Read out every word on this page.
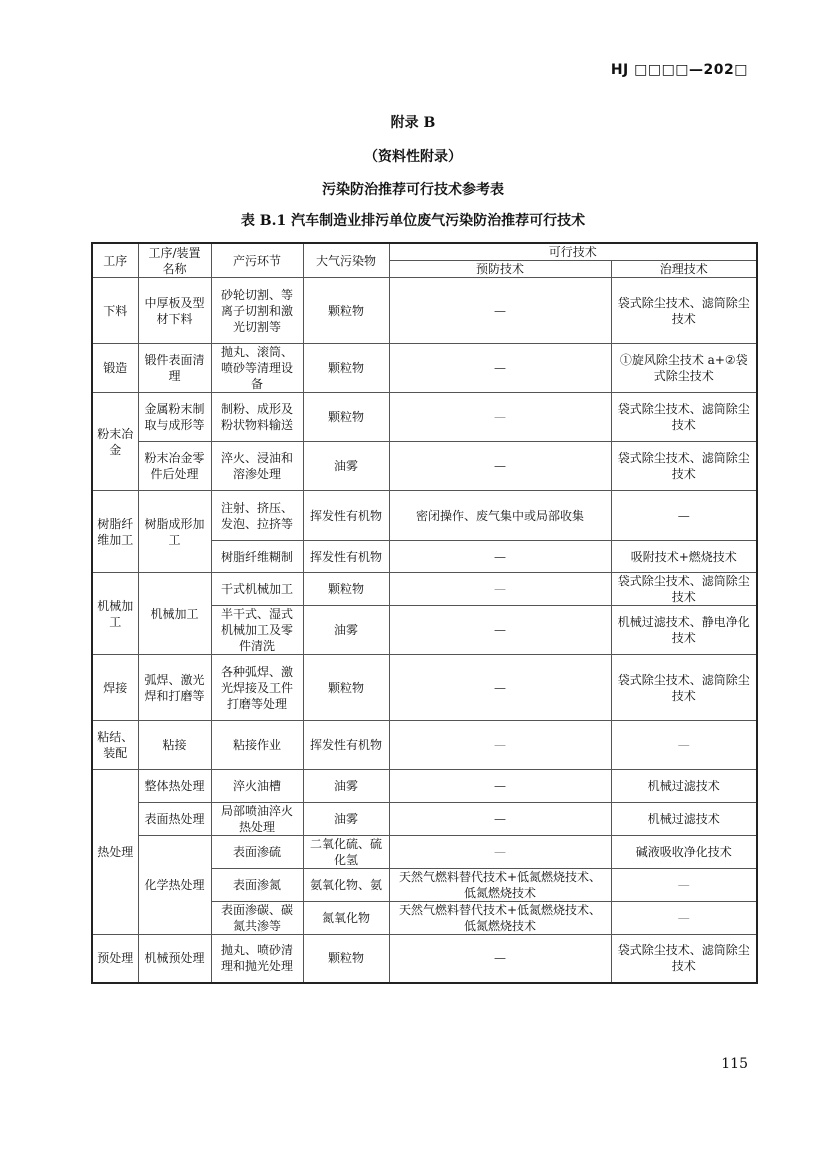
HJ □□□□—202□
附录 B
（资料性附录）
污染防治推荐可行技术参考表
表 B.1 汽车制造业排污单位废气污染防治推荐可行技术
工序	工序/装置名称	产污环节	大气污染物	可行技术	
				预防技术	治理技术
下料	中厚板及型材下料	砂轮切割、等离子切割和激光切割等	颗粒物	—	袋式除尘技术、滤筒除尘技术
锻造	锻件表面清理	抛丸、滚筒、喷砂等清理设备	颗粒物	—	①旋风除尘技术 a+②袋式除尘技术
粉末冶金	金属粉末制取与成形等	制粉、成形及粉状物料输送	颗粒物	—	袋式除尘技术、滤筒除尘技术
	粉末冶金零件后处理	淬火、浸油和溶渗处理	油雾	—	袋式除尘技术、滤筒除尘技术
树脂纤维加工	树脂成形加工	注射、挤压、发泡、拉挤等	挥发性有机物	密闭操作、废气集中或局部收集	—
		树脂纤维糊制	挥发性有机物	—	吸附技术+燃烧技术
机械加工	机械加工	干式机械加工	颗粒物	—	袋式除尘技术、滤筒除尘技术
		半干式、湿式机械加工及零件清洗	油雾	—	机械过滤技术、静电净化技术
焊接	弧焊、激光焊和打磨等	各种弧焊、激光焊接及工件打磨等处理	颗粒物	—	袋式除尘技术、滤筒除尘技术
粘结、装配	粘接	粘接作业	挥发性有机物	—	—
热处理	整体热处理	淬火油槽	油雾	—	机械过滤技术
	表面热处理	局部喷油淬火热处理	油雾	—	机械过滤技术
	化学热处理	表面渗硫	二氧化硫、硫化氢	—	碱液吸收净化技术
		表面渗氮	氨氧化物、氨	天然气燃料替代技术+低氮燃烧技术、低氮燃烧技术	—
		表面渗碳、碳氮共渗等	氮氧化物	天然气燃料替代技术+低氮燃烧技术、低氮燃烧技术	—
预处理	机械预处理	抛丸、喷砂清理和抛光处理	颗粒物	—	袋式除尘技术、滤筒除尘技术
115
